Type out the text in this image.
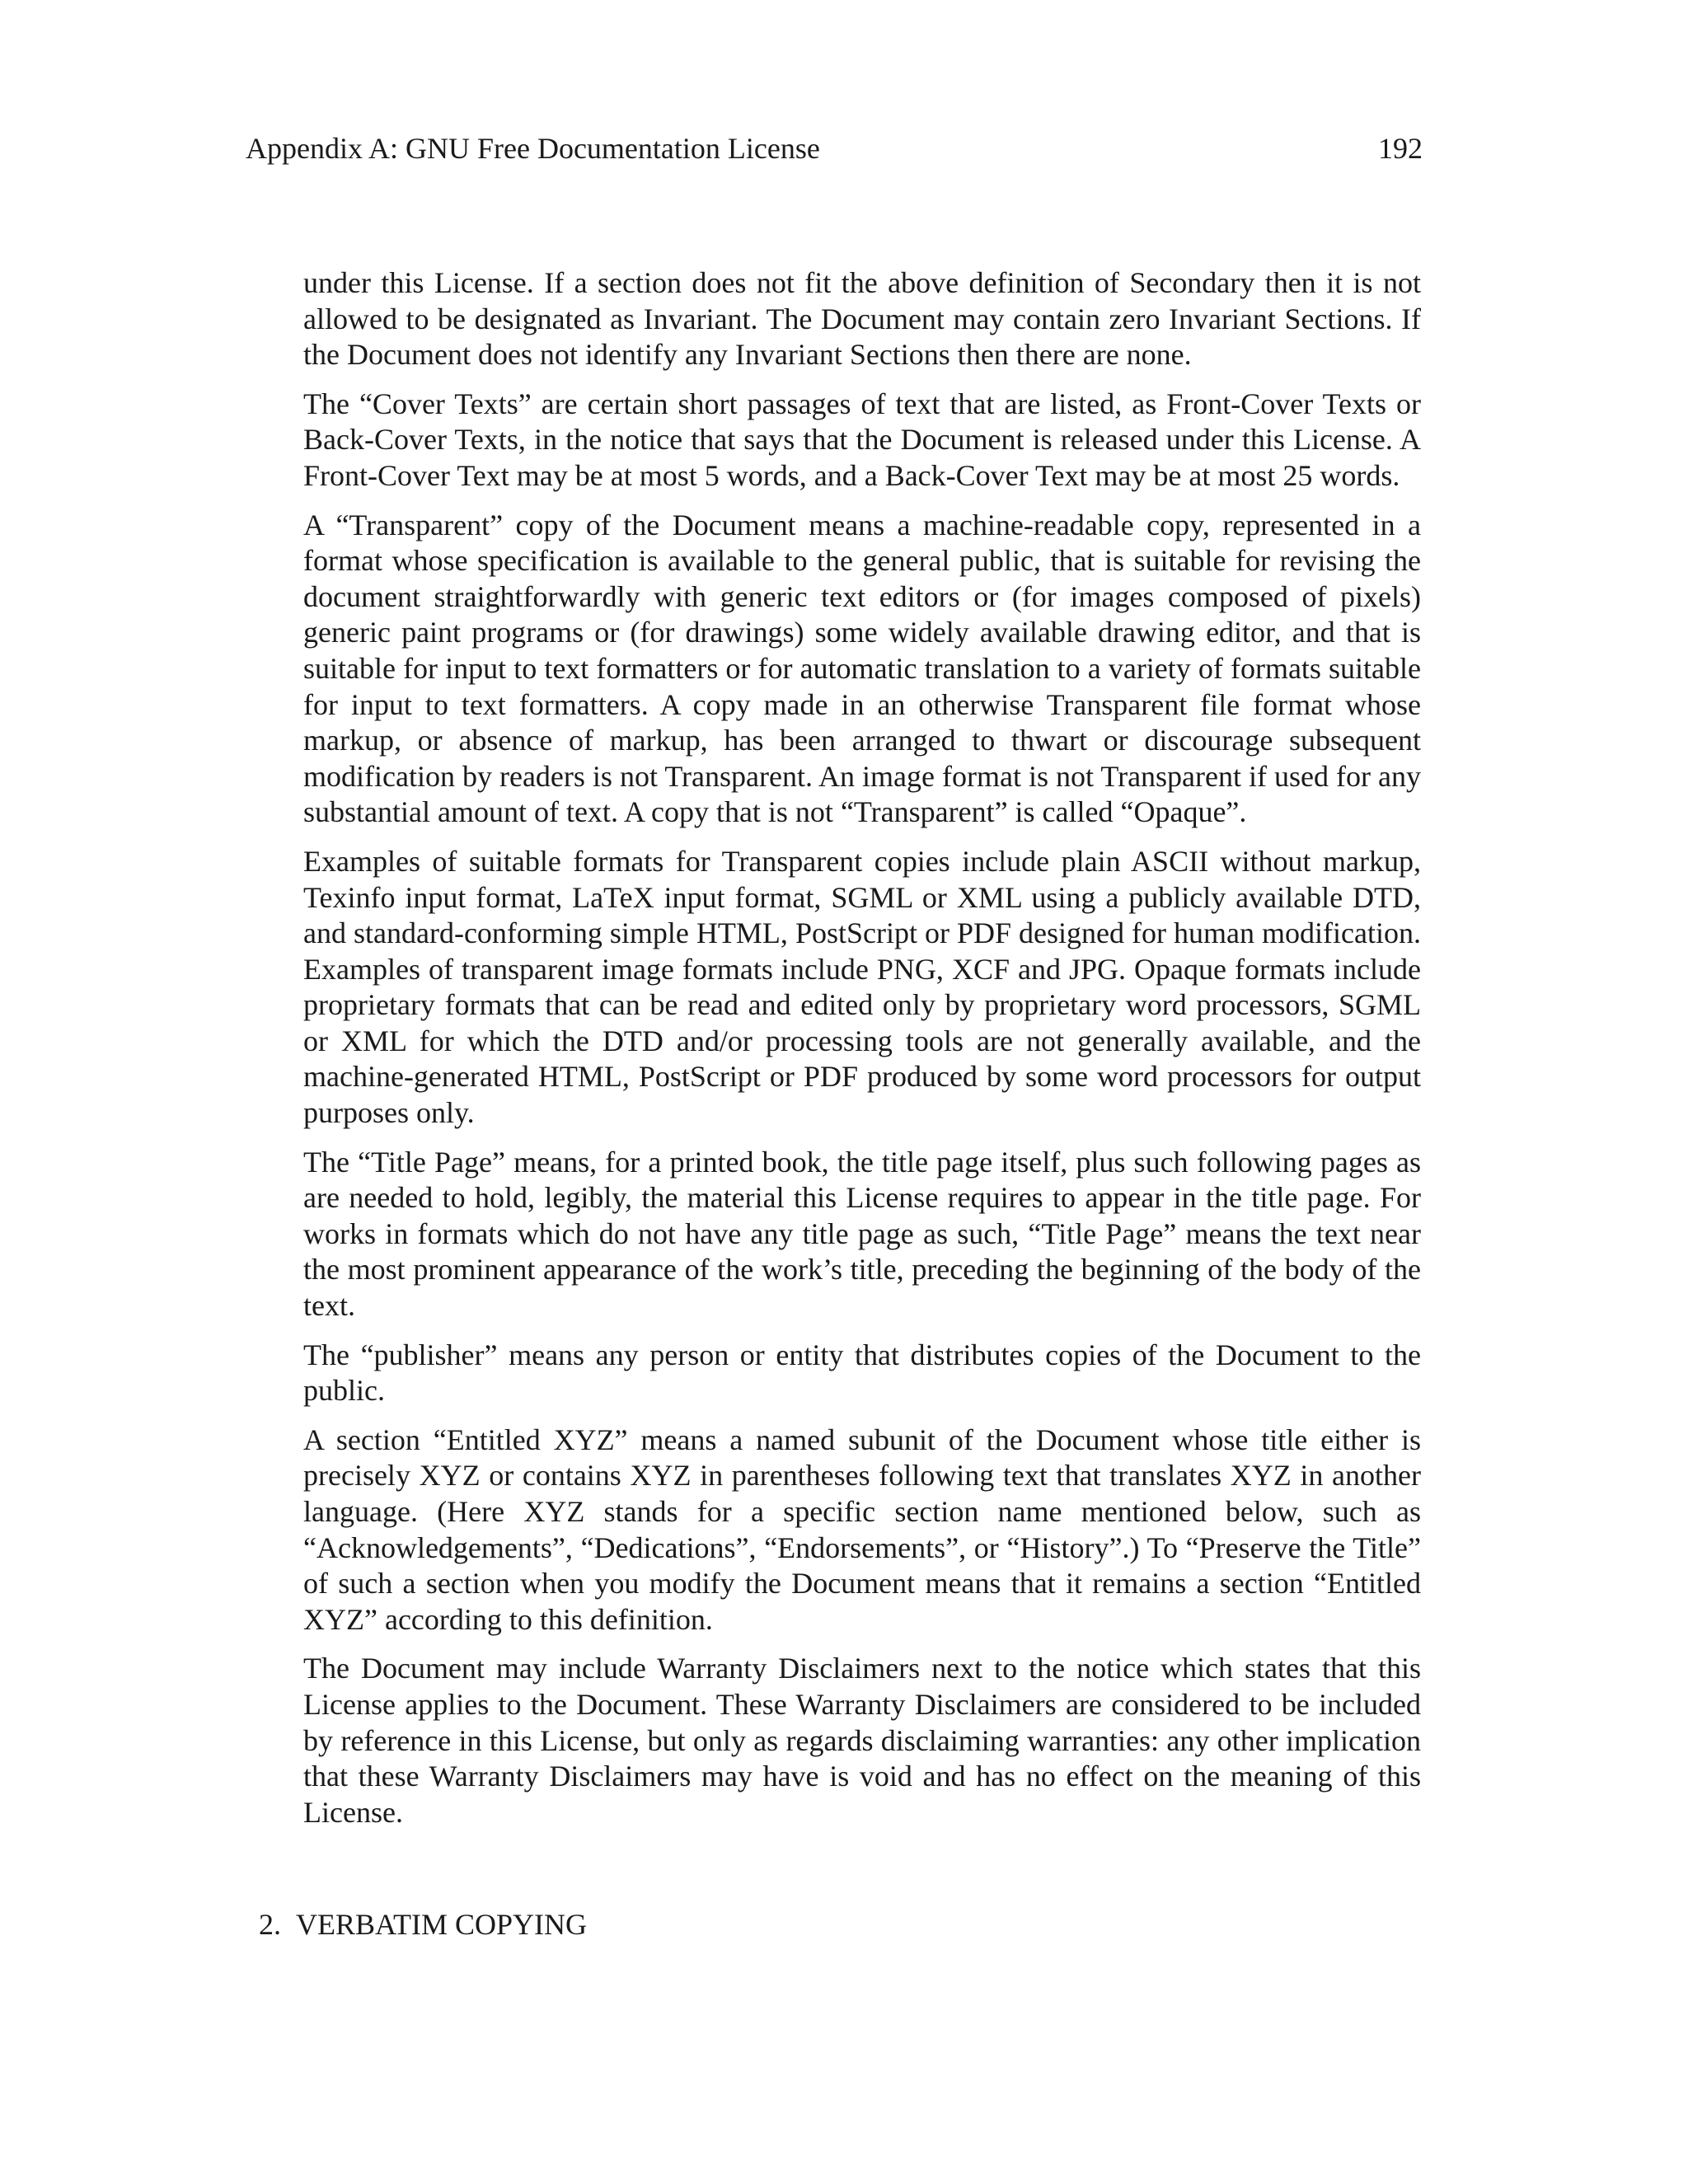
Appendix A: GNU Free Documentation License	192

under this License. If a section does not fit the above definition of Secondary then it is not allowed to be designated as Invariant. The Document may contain zero Invariant Sections. If the Document does not identify any Invariant Sections then there are none.

The “Cover Texts” are certain short passages of text that are listed, as Front-Cover Texts or Back-Cover Texts, in the notice that says that the Document is released under this License. A Front-Cover Text may be at most 5 words, and a Back-Cover Text may be at most 25 words.

A “Transparent” copy of the Document means a machine-readable copy, represented in a format whose specification is available to the general public, that is suitable for revising the document straightforwardly with generic text editors or (for images composed of pixels) generic paint programs or (for drawings) some widely available drawing editor, and that is suitable for input to text formatters or for automatic translation to a variety of formats suitable for input to text formatters. A copy made in an otherwise Transparent file format whose markup, or absence of markup, has been arranged to thwart or discourage subsequent modification by readers is not Transparent. An image format is not Transparent if used for any substantial amount of text. A copy that is not “Transparent” is called “Opaque”.

Examples of suitable formats for Transparent copies include plain ASCII without markup, Texinfo input format, LaTeX input format, SGML or XML using a publicly available DTD, and standard-conforming simple HTML, PostScript or PDF designed for human modification. Examples of transparent image formats include PNG, XCF and JPG. Opaque formats include proprietary formats that can be read and edited only by proprietary word processors, SGML or XML for which the DTD and/or processing tools are not generally available, and the machine-generated HTML, PostScript or PDF produced by some word processors for output purposes only.

The “Title Page” means, for a printed book, the title page itself, plus such following pages as are needed to hold, legibly, the material this License requires to appear in the title page. For works in formats which do not have any title page as such, “Title Page” means the text near the most prominent appearance of the work’s title, preceding the beginning of the body of the text.

The “publisher” means any person or entity that distributes copies of the Document to the public.

A section “Entitled XYZ” means a named subunit of the Document whose title either is precisely XYZ or contains XYZ in parentheses following text that translates XYZ in another language. (Here XYZ stands for a specific section name mentioned below, such as “Acknowledgements”, “Dedications”, “Endorsements”, or “History”.) To “Preserve the Title” of such a section when you modify the Document means that it remains a section “Entitled XYZ” according to this definition.

The Document may include Warranty Disclaimers next to the notice which states that this License applies to the Document. These Warranty Disclaimers are considered to be included by reference in this License, but only as regards disclaiming warranties: any other implication that these Warranty Disclaimers may have is void and has no effect on the meaning of this License.

2. VERBATIM COPYING
